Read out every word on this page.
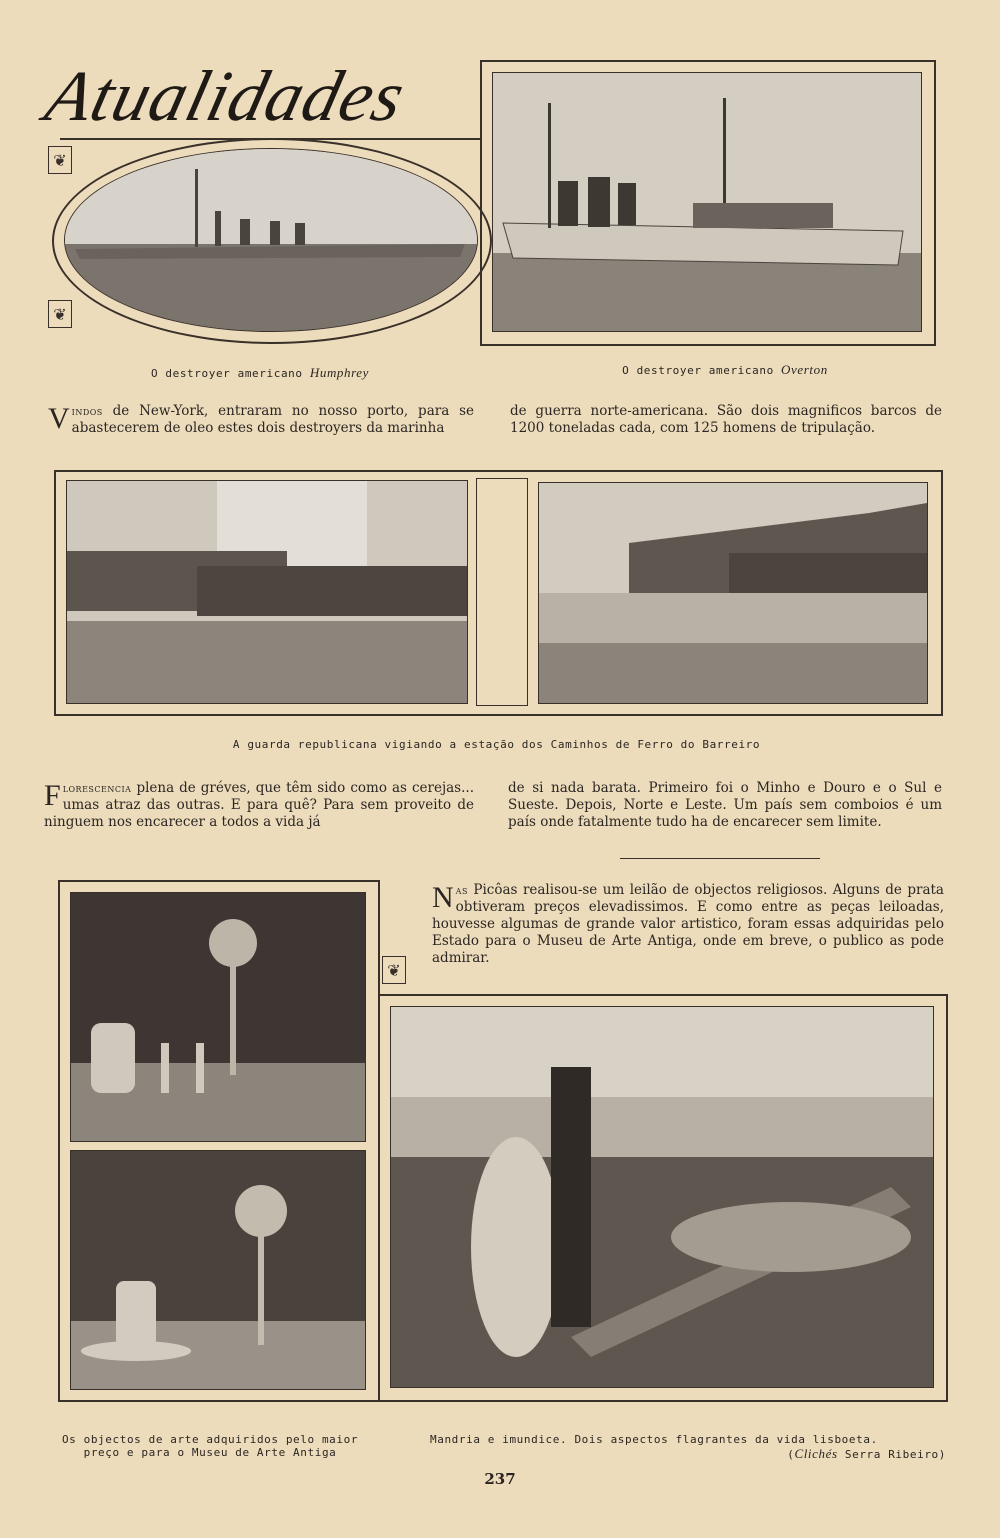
Atualidades
❦
❦
O destroyer americano Humphrey	O destroyer americano Overton
Vindos de New-York, entraram no nosso porto, para se abastecerem de oleo estes dois destroyers da marinha
de guerra norte-americana. São dois magnificos barcos de 1200 toneladas cada, com 125 homens de tripulação.
A guarda republicana vigiando a estação dos Caminhos de Ferro do Barreiro
Florescencia plena de gréves, que têm sido como as cerejas... umas atraz das outras. E para quê? Para sem proveito de ninguem nos encarecer a todos a vida já
de si nada barata. Primeiro foi o Minho e Douro e o Sul e Sueste. Depois, Norte e Leste. Um país sem comboios é um país onde fatalmente tudo ha de encarecer sem limite.
Os objectos de arte adquiridos pelo maior
preço e para o Museu de Arte Antiga
Nas Picôas realisou-se um leilão de objectos religiosos. Alguns de prata obtiveram preços elevadissimos. E como entre as peças leiloadas, houvesse algumas de grande valor artistico, foram essas adquiridas pelo Estado para o Museu de Arte Antiga, onde em breve, o publico as pode admirar.
❦
Mandria e imundice. Dois aspectos flagrantes da vida lisboeta.
(Clichés Serra Ribeiro)
237
